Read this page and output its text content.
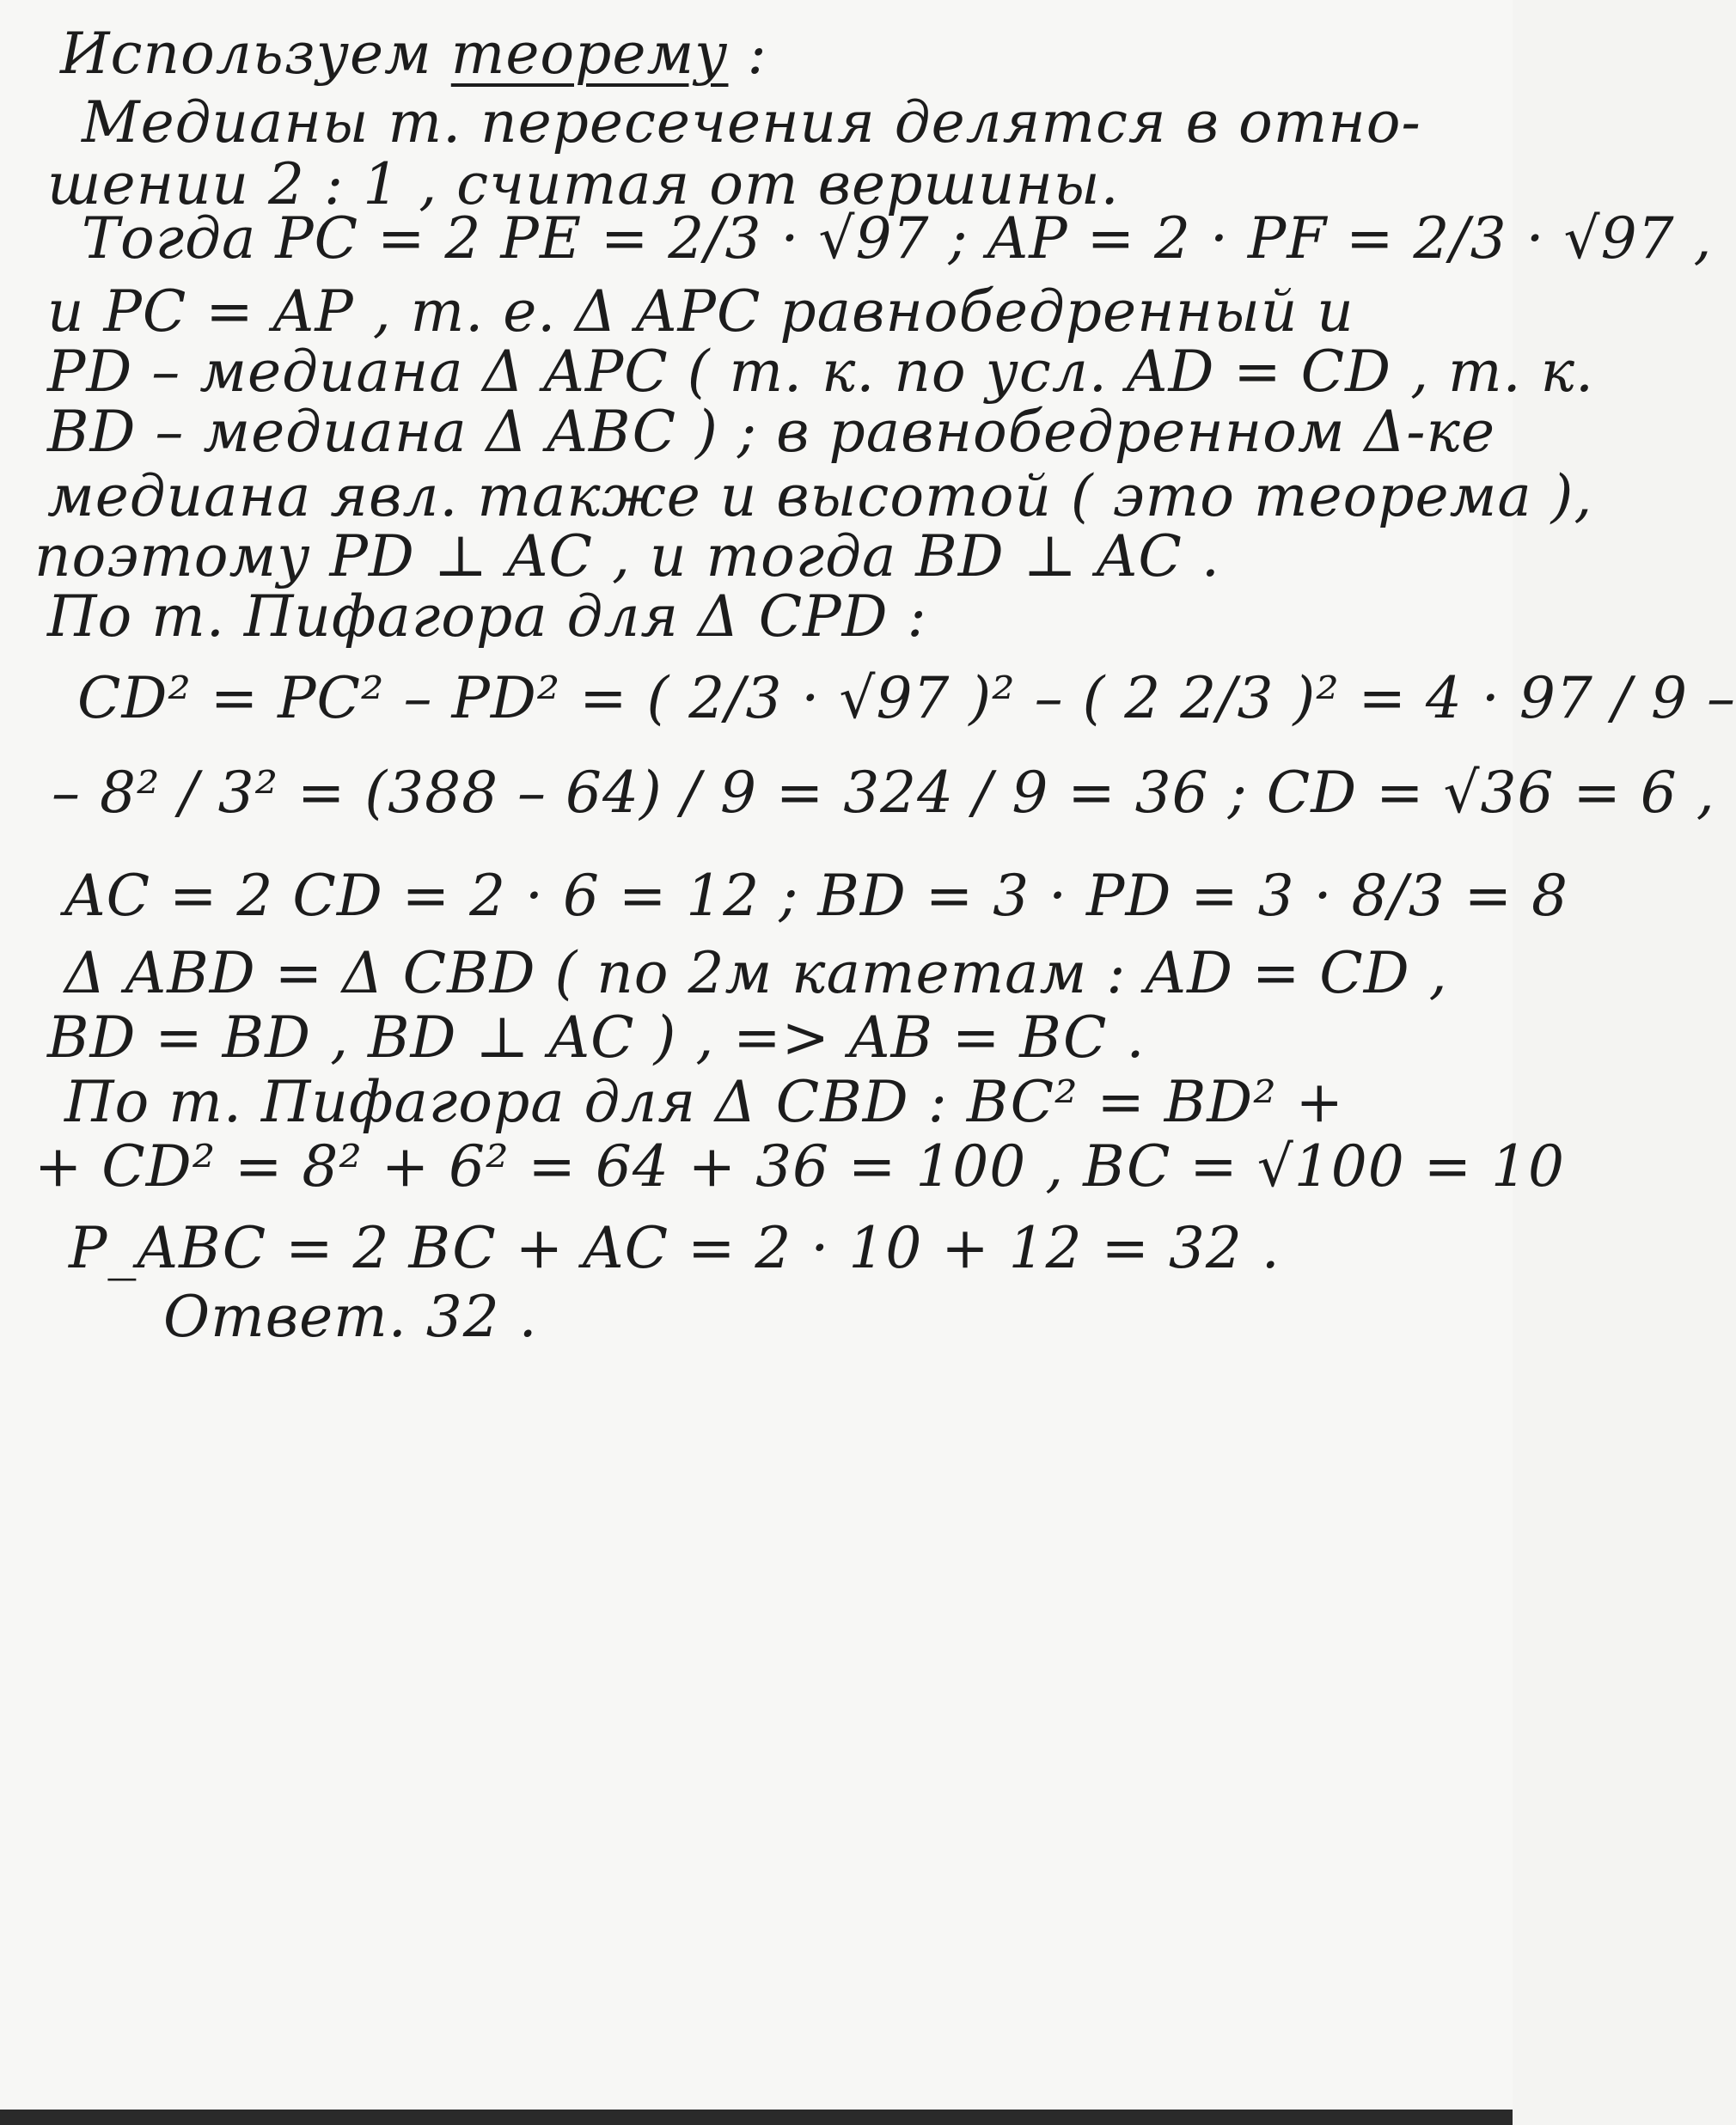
Используем теорему :
Медианы т. пересечения делятся в отно-
шении 2 : 1 , считая от вершины.
Тогда PC = 2 PE = 2/3 · √97 ; AP = 2 · PF = 2/3 · √97 ,
и PC = AP , т. е. Δ APC равнобедренный и
PD – медиана Δ APC ( т. к. по усл. AD = CD , т. к.
BD – медиана Δ ABC ) ; в равнобедренном Δ-ке
медиана явл. также и высотой ( это теорема ),
поэтому PD ⊥ AC , и тогда BD ⊥ AC .
По т. Пифагора для Δ CPD :
CD² = PC² – PD² = ( 2/3 · √97 )² – ( 2 2/3 )² = 4 · 97 / 9 –
– 8² / 3² = (388 – 64) / 9 = 324 / 9 = 36 ; CD = √36 = 6 ,
AC = 2 CD = 2 · 6 = 12 ; BD = 3 · PD = 3 · 8/3 = 8
Δ ABD = Δ CBD ( по 2м катетам : AD = CD ,
BD = BD , BD ⊥ AC ) , => AB = BC .
По т. Пифагора для Δ CBD : BC² = BD² +
+ CD² = 8² + 6² = 64 + 36 = 100 , BC = √100 = 10
P_ABC = 2 BC + AC = 2 · 10 + 12 = 32 .
Ответ. 32 .
